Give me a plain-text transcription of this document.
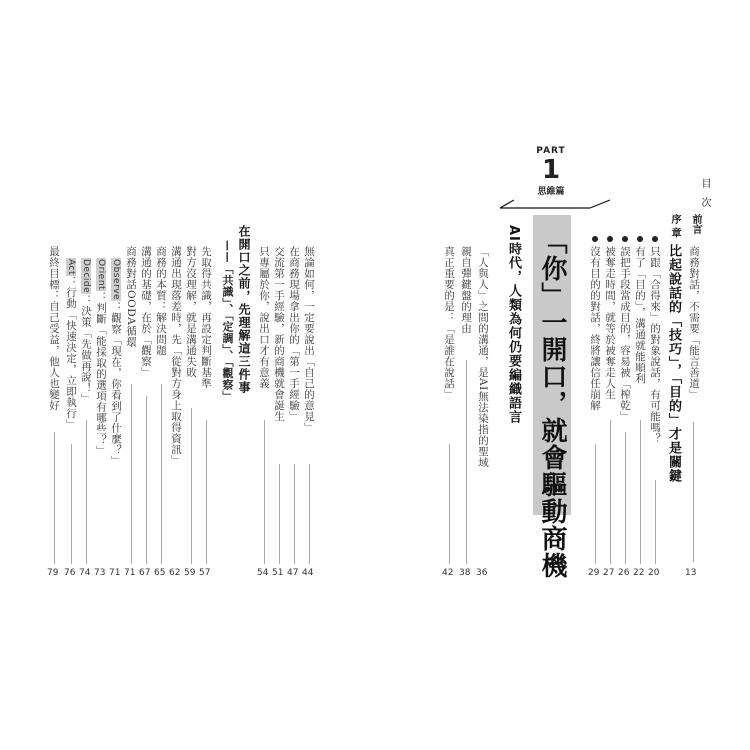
目 次
前言
商務對話，不需要「能言善道」
13
序 章
比起說話的「技巧」，「目的」才是關鍵
只跟「合得來」的對象說話，有可能嗎？
20
有了「目的」，溝通就能順利
22
誤把手段當成目的，容易被「榨乾」
26
被奪走時間，就等於被奪走人生
27
沒有目的的對話，終將讓信任崩解
29
PART
1
思維篇
「你」一開口，就會驅動商機
AI時代，人類為何仍要編織語言
「人與人」之間的溝通，是AI無法染指的聖域
36
親自彈鍵盤的理由
38
真正重要的是：「是誰在說話」
42
無論如何，一定要說出「自己的意見」
44
在商務現場拿出你的「第一手經驗」
47
交流第一手經驗，新的商機就會誕生
51
只專屬於你，說出口才有意義
54
在開口之前，先理解這三件事
——「共識」、「定調」、「觀察」
先取得共識，再設定判斷基準
57
對方沒理解，就是溝通失敗
59
溝通出現落差時，先「從對方身上取得資訊」
62
商務的本質：解決問題
65
溝通的基礎，在於「觀察」
67
商務對話OODA循環
71
Observe：觀察「現在，你看到了什麼？」
71
Orient：判斷「能採取的選項有哪些？」
73
Decide：決策「先做再說！」
74
Act：行動「快速決定，立即執行」
76
最終目標：自己受益，他人也變好
79
